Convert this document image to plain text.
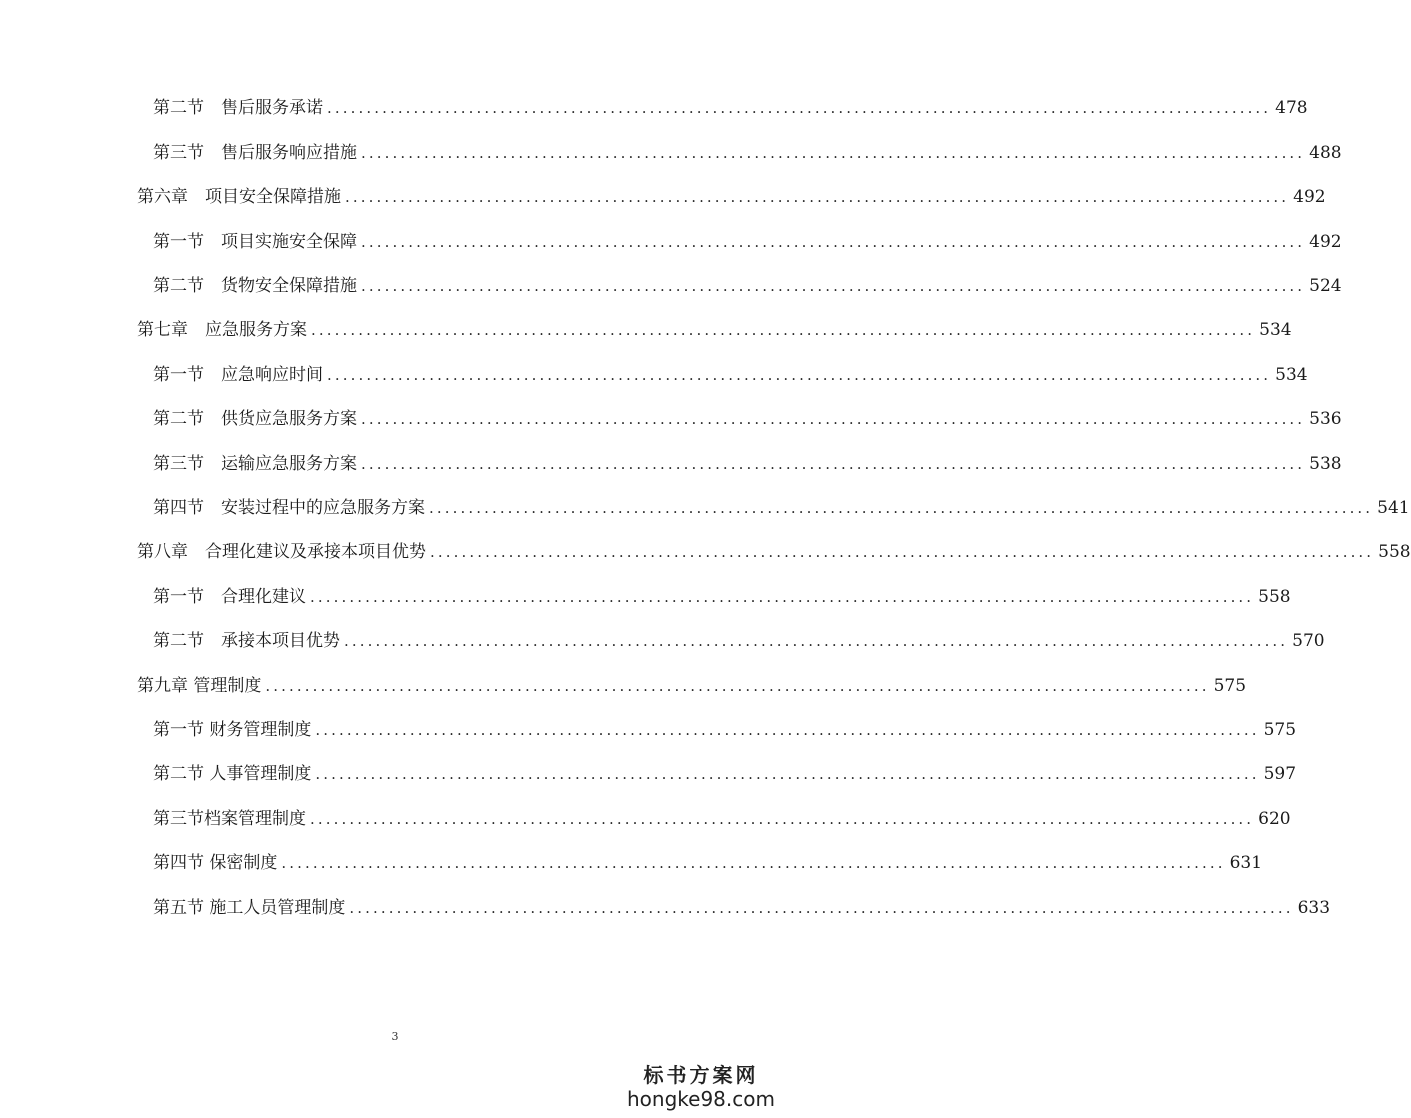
第二节　售后服务承诺 ........................................................................................................................ 478
第三节　售后服务响应措施 ........................................................................................................................ 488
第六章　项目安全保障措施 ........................................................................................................................ 492
第一节　项目实施安全保障 ........................................................................................................................ 492
第二节　货物安全保障措施 ........................................................................................................................ 524
第七章　应急服务方案 ........................................................................................................................ 534
第一节　应急响应时间 ........................................................................................................................ 534
第二节　供货应急服务方案 ........................................................................................................................ 536
第三节　运输应急服务方案 ........................................................................................................................ 538
第四节　安装过程中的应急服务方案 ........................................................................................................................ 541
第八章　合理化建议及承接本项目优势 ........................................................................................................................ 558
第一节　合理化建议 ........................................................................................................................ 558
第二节　承接本项目优势 ........................................................................................................................ 570
第九章 管理制度 ........................................................................................................................ 575
第一节 财务管理制度 ........................................................................................................................ 575
第二节 人事管理制度 ........................................................................................................................ 597
第三节档案管理制度 ........................................................................................................................ 620
第四节 保密制度 ........................................................................................................................ 631
第五节 施工人员管理制度 ........................................................................................................................ 633
3
标书方案网
hongke98.com
